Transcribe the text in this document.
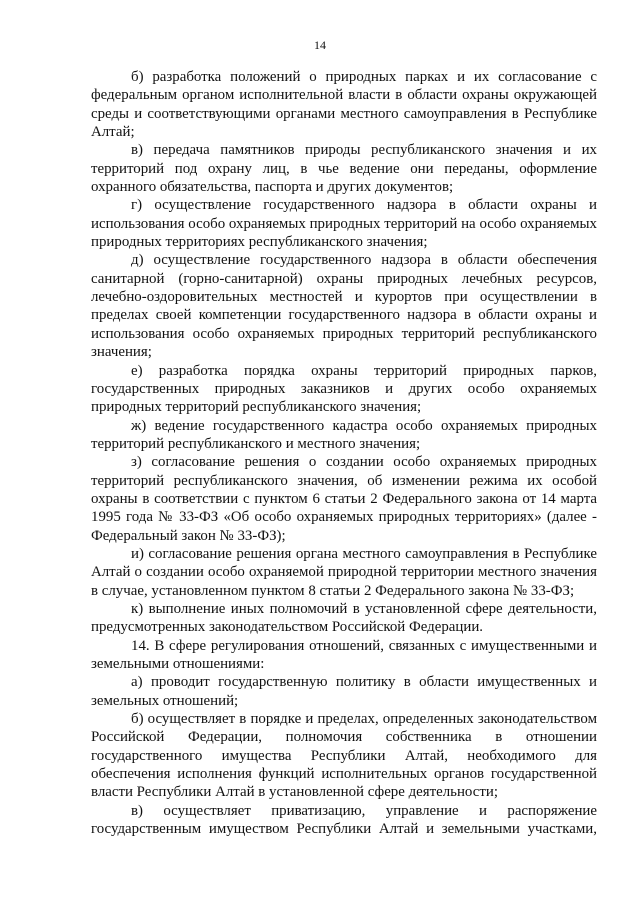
14

б) разработка положений о природных парках и их согласование с федеральным органом исполнительной власти в области охраны окружающей среды и соответствующими органами местного самоуправления в Республике Алтай;

в) передача памятников природы республиканского значения и их территорий под охрану лиц, в чье ведение они переданы, оформление охранного обязательства, паспорта и других документов;

г) осуществление государственного надзора в области охраны и использования особо охраняемых природных территорий на особо охраняемых природных территориях республиканского значения;

д) осуществление государственного надзора в области обеспечения санитарной (горно-санитарной) охраны природных лечебных ресурсов, лечебно-оздоровительных местностей и курортов при осуществлении в пределах своей компетенции государственного надзора в области охраны и использования особо охраняемых природных территорий республиканского значения;

е) разработка порядка охраны территорий природных парков, государственных природных заказников и других особо охраняемых природных территорий республиканского значения;

ж) ведение государственного кадастра особо охраняемых природных территорий республиканского и местного значения;

з) согласование решения о создании особо охраняемых природных территорий республиканского значения, об изменении режима их особой охраны в соответствии с пунктом 6 статьи 2 Федерального закона от 14 марта 1995 года № 33-ФЗ «Об особо охраняемых природных территориях» (далее - Федеральный закон № 33-ФЗ);

и) согласование решения органа местного самоуправления в Республике Алтай о создании особо охраняемой природной территории местного значения в случае, установленном пунктом 8 статьи 2 Федерального закона № 33-ФЗ;

к) выполнение иных полномочий в установленной сфере деятельности, предусмотренных законодательством Российской Федерации.

14. В сфере регулирования отношений, связанных с имущественными и земельными отношениями:

а) проводит государственную политику в области имущественных и земельных отношений;

б) осуществляет в порядке и пределах, определенных законодательством Российской Федерации, полномочия собственника в отношении государственного имущества Республики Алтай, необходимого для обеспечения исполнения функций исполнительных органов государственной власти Республики Алтай в установленной сфере деятельности;

в) осуществляет приватизацию, управление и распоряжение государственным имуществом Республики Алтай и земельными участками,
